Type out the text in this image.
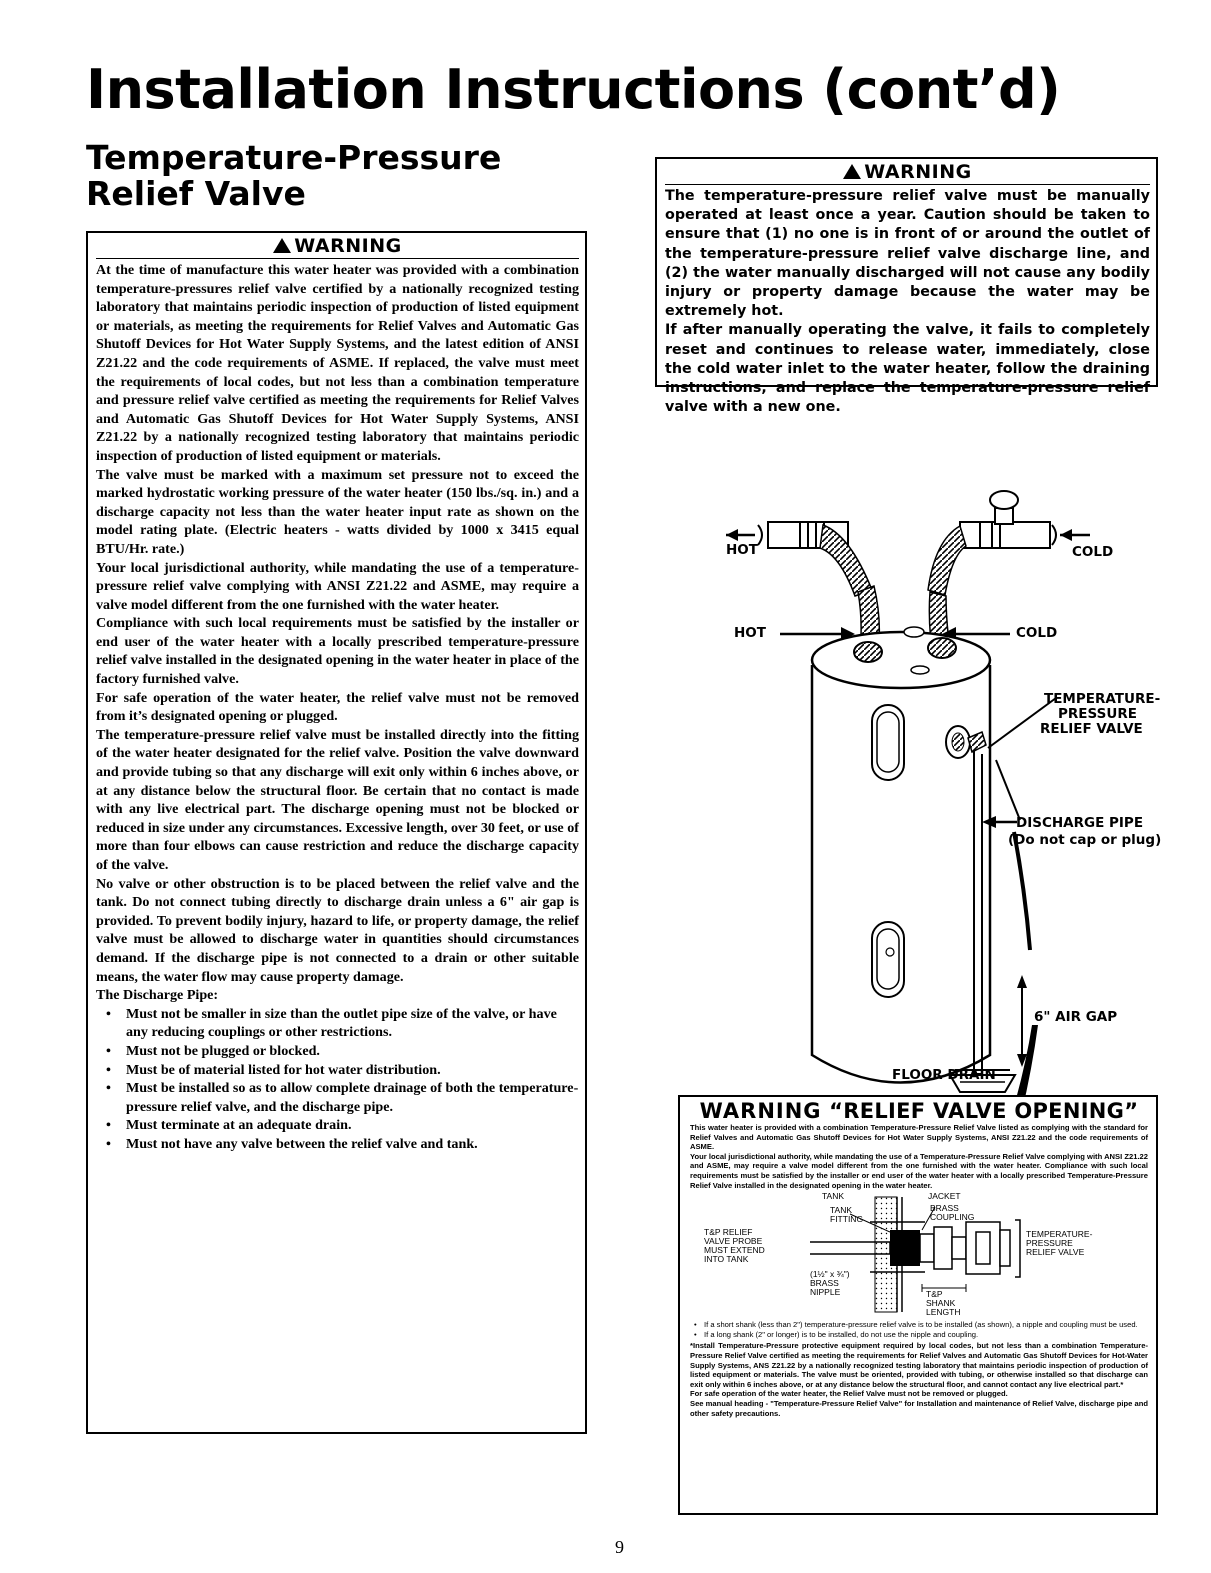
Installation Instructions (cont’d)
Temperature-Pressure Relief Valve
WARNING

At the time of manufacture this water heater was provided with a combination temperature-pressures relief valve certified by a nationally recognized testing laboratory that maintains periodic inspection of production of listed equipment or materials, as meeting the requirements for Relief Valves and Automatic Gas Shutoff Devices for Hot Water Supply Systems, and the latest edition of ANSI Z21.22 and the code requirements of ASME. If replaced, the valve must meet the requirements of local codes, but not less than a combination temperature and pressure relief valve certified as meeting the requirements for Relief Valves and Automatic Gas Shutoff Devices for Hot Water Supply Systems, ANSI Z21.22 by a nationally recognized testing laboratory that maintains periodic inspection of production of listed equipment or materials.

The valve must be marked with a maximum set pressure not to exceed the marked hydrostatic working pressure of the water heater (150 lbs./sq. in.) and a discharge capacity not less than the water heater input rate as shown on the model rating plate. (Electric heaters - watts divided by 1000 x 3415 equal BTU/Hr. rate.)

Your local jurisdictional authority, while mandating the use of a temperature-pressure relief valve complying with ANSI Z21.22 and ASME, may require a valve model different from the one furnished with the water heater.

Compliance with such local requirements must be satisfied by the installer or end user of the water heater with a locally prescribed temperature-pressure relief valve installed in the designated opening in the water heater in place of the factory furnished valve.

For safe operation of the water heater, the relief valve must not be removed from it’s designated opening or plugged.

The temperature-pressure relief valve must be installed directly into the fitting of the water heater designated for the relief valve. Position the valve downward and provide tubing so that any discharge will exit only within 6 inches above, or at any distance below the structural floor. Be certain that no contact is made with any live electrical part. The discharge opening must not be blocked or reduced in size under any circumstances. Excessive length, over 30 feet, or use of more than four elbows can cause restriction and reduce the discharge capacity of the valve.

No valve or other obstruction is to be placed between the relief valve and the tank. Do not connect tubing directly to discharge drain unless a 6" air gap is provided. To prevent bodily injury, hazard to life, or property damage, the relief valve must be allowed to discharge water in quantities should circumstances demand. If the discharge pipe is not connected to a drain or other suitable means, the water flow may cause property damage.

The Discharge Pipe:

• Must not be smaller in size than the outlet pipe size of the valve, or have any reducing couplings or other restrictions.
• Must not be plugged or blocked.
• Must be of material listed for hot water distribution.
• Must be installed so as to allow complete drainage of both the temperature-pressure relief valve, and the discharge pipe.
• Must terminate at an adequate drain.
• Must not have any valve between the relief valve and tank.
WARNING

The temperature-pressure relief valve must be manually operated at least once a year. Caution should be taken to ensure that (1) no one is in front of or around the outlet of the temperature-pressure relief valve discharge line, and (2) the water manually discharged will not cause any bodily injury or property damage because the water may be extremely hot.

If after manually operating the valve, it fails to completely reset and continues to release water, immediately, close the cold water inlet to the water heater, follow the draining instructions, and replace the temperature-pressure relief valve with a new one.

HOT	COLD
HOT	COLD
TEMPERATURE-
PRESSURE
RELIEF VALVE
DISCHARGE PIPE
(Do not cap or plug)
6" AIR GAP
FLOOR DRAIN
WARNING “RELIEF VALVE OPENING”

This water heater is provided with a combination Temperature-Pressure Relief Valve listed as complying with the standard for Relief Valves and Automatic Gas Shutoff Devices for Hot Water Supply Systems, ANSI Z21.22 and the code requirements of ASME.

Your local jurisdictional authority, while mandating the use of a Temperature-Pressure Relief Valve complying with ANSI Z21.22 and ASME, may require a valve model different from the one furnished with the water heater. Compliance with such local requirements must be satisfied by the installer or end user of the water heater with a locally prescribed Temperature-Pressure Relief Valve installed in the designated opening in the water heater.

TANK	JACKET
TANK
FITTING
BRASS
COUPLING
T&P RELIEF
VALVE PROBE
MUST EXTEND
INTO TANK
TEMPERATURE-
PRESSURE
RELIEF VALVE
(1½" x ¾")
BRASS
NIPPLE	T&P
SHANK
LENGTH
• If a short shank (less than 2") temperature-pressure relief valve is to be installed (as shown), a nipple and coupling must be used.
• If a long shank (2" or longer) is to be installed, do not use the nipple and coupling.

*Install Temperature-Pressure protective equipment required by local codes, but not less than a combination Temperature-Pressure Relief Valve certified as meeting the requirements for Relief Valves and Automatic Gas Shutoff Devices for Hot-Water Supply Systems, ANS Z21.22 by a nationally recognized testing laboratory that maintains periodic inspection of production of listed equipment or materials. The valve must be oriented, provided with tubing, or otherwise installed so that discharge can exit only within 6 inches above, or at any distance below the structural floor, and cannot contact any live electrical part.*

For safe operation of the water heater, the Relief Valve must not be removed or plugged.

See manual heading - "Temperature-Pressure Relief Valve" for Installation and maintenance of Relief Valve, discharge pipe and other safety precautions.

9
